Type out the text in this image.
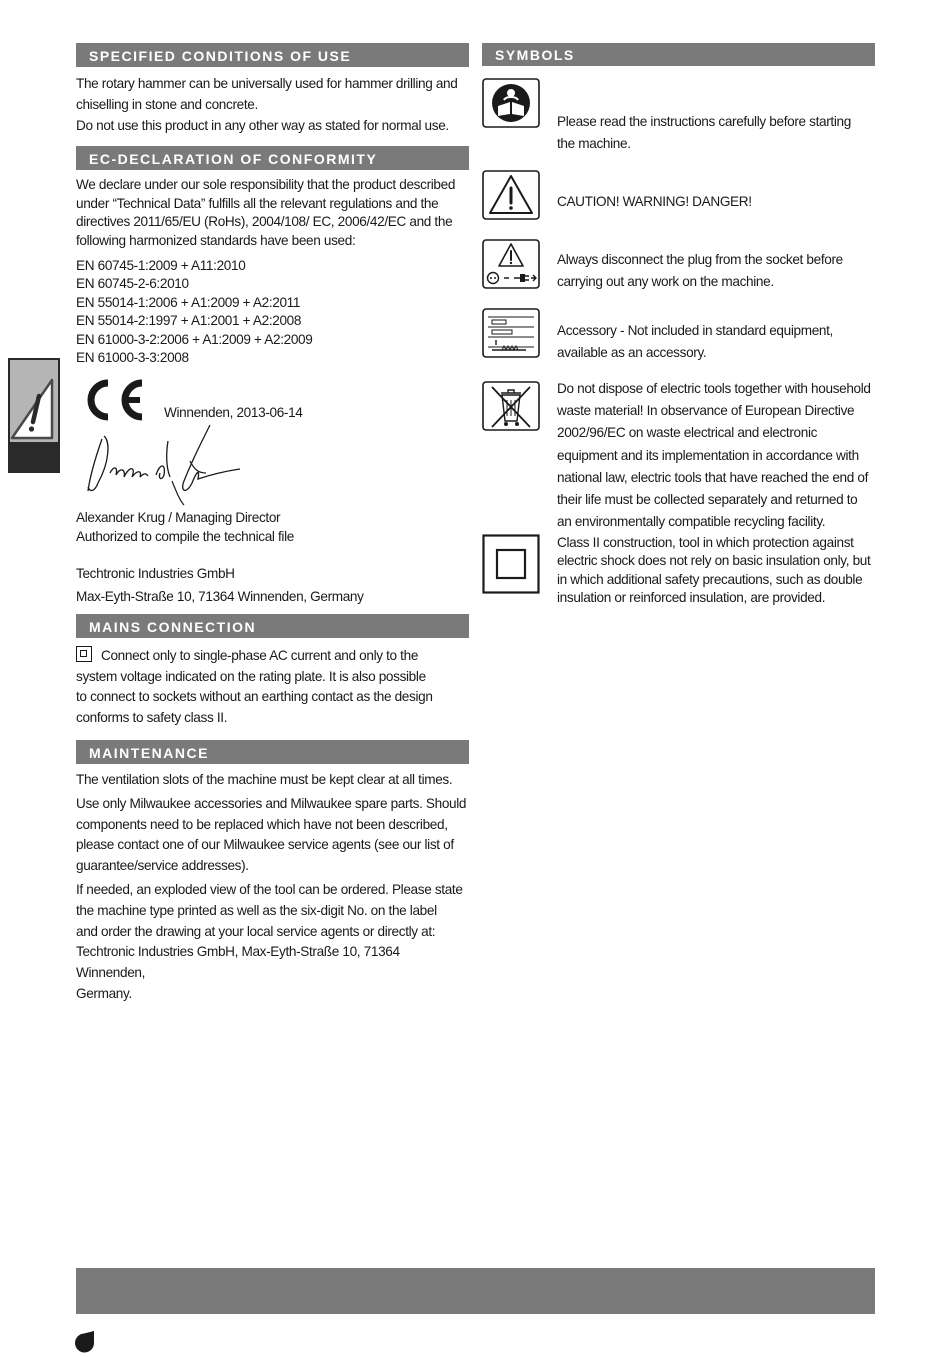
SPECIFIED CONDITIONS OF USE

The rotary hammer can be universally used for hammer drilling and

chiselling in stone and concrete.

Do not use this product in any other way as stated for normal use.

EC-DECLARATION OF CONFORMITY

We declare under our sole responsibility that the product described

under “Technical Data” fulfills all the relevant regulations and the

directives 2011/65/EU (RoHs), 2004/108/ EC, 2006/42/EC and the

following harmonized standards have been used:

EN 60745-1:2009 + A11:2010
EN 60745-2-6:2010
EN 55014-1:2006 + A1:2009 + A2:2011
EN 55014-2:1997 + A1:2001 + A2:2008
EN 61000-3-2:2006 + A1:2009 + A2:2009
EN 61000-3-3:2008
Winnenden, 2013-06-14

Alexander Krug / Managing Director

Authorized to compile the technical file

Techtronic Industries GmbH

Max-Eyth-Straße 10, 71364 Winnenden, Germany

MAINS CONNECTION

Connect only to single-phase AC current and only to the

system voltage indicated on the rating plate. It is also possible

to connect to sockets without an earthing contact as the design

conforms to safety class II.

MAINTENANCE

The ventilation slots of the machine must be kept clear at all times.

Use only Milwaukee accessories and Milwaukee spare parts. Should

components need to be replaced which have not been described,

please contact one of our Milwaukee service agents (see our list of

guarantee/service addresses).

If needed, an exploded view of the tool can be ordered. Please state

the machine type printed as well as the six-digit No. on the label

and order the drawing at your local service agents or directly at:

Techtronic Industries GmbH, Max-Eyth-Straße 10, 71364 Winnenden,

Germany.

SYMBOLS

Please read the instructions carefully before starting

the machine.

CAUTION! WARNING! DANGER!

Always disconnect the plug from the socket before

carrying out any work on the machine.

Accessory - Not included in standard equipment,

available as an accessory.

Do not dispose of electric tools together with household

waste material! In observance of European Directive

2002/96/EC on waste electrical and electronic

equipment and its implementation in accordance with

national law, electric tools that have reached the end of

their life must be collected separately and returned to

an environmentally compatible recycling facility.

Class II construction, tool in which protection against

electric shock does not rely on basic insulation only, but

in which additional safety precautions, such as double

insulation or reinforced insulation, are provided.
